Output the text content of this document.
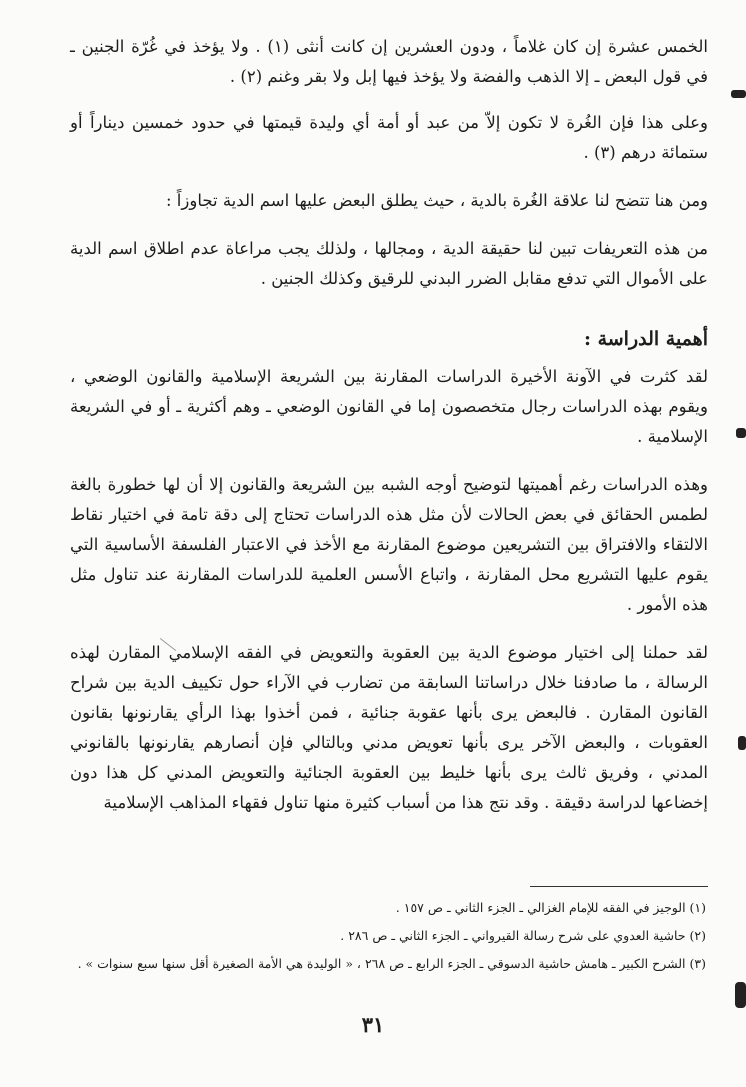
الخمس عشرة إن كان غلاماً ، ودون العشرين إن كانت أنثى (١) . ولا يؤخذ في غُرّة الجنين ـ في قول البعض ـ إلا الذهب والفضة ولا يؤخذ فيها إبل ولا بقر وغنم (٢) .

وعلى هذا فإن الغُرة لا تكون إلاّ من عبد أو أمة أي وليدة قيمتها في حدود خمسين ديناراً أو ستمائة درهم (٣) .

ومن هنا تتضح لنا علاقة الغُرة بالدية ، حيث يطلق البعض عليها اسم الدية تجاوزاً :

من هذه التعريفات تبين لنا حقيقة الدية ، ومجالها ، ولذلك يجب مراعاة عدم اطلاق اسم الدية على الأموال التي تدفع مقابل الضرر البدني للرقيق وكذلك الجنين .

أهمية الدراسة :

لقد كثرت في الآونة الأخيرة الدراسات المقارنة بين الشريعة الإسلامية والقانون الوضعي ، ويقوم بهذه الدراسات رجال متخصصون إما في القانون الوضعي ـ وهم أكثرية ـ أو في الشريعة الإسلامية .

وهذه الدراسات رغم أهميتها لتوضيح أوجه الشبه بين الشريعة والقانون إلا أن لها خطورة بالغة لطمس الحقائق في بعض الحالات لأن مثل هذه الدراسات تحتاج إلى دقة تامة في اختيار نقاط الالتقاء والافتراق بين التشريعين موضوع المقارنة مع الأخذ في الاعتبار الفلسفة الأساسية التي يقوم عليها التشريع محل المقارنة ، واتباع الأسس العلمية للدراسات المقارنة عند تناول مثل هذه الأمور .

لقد حملنا إلى اختيار موضوع الدية بين العقوبة والتعويض في الفقه الإسلامي المقارن لهذه الرسالة ، ما صادفنا خلال دراساتنا السابقة من تضارب في الآراء حول تكييف الدية بين شراح القانون المقارن . فالبعض يرى بأنها عقوبة جنائية ، فمن أخذوا بهذا الرأي يقارنونها بقانون العقوبات ، والبعض الآخر يرى بأنها تعويض مدني وبالتالي فإن أنصارهم يقارنونها بالقانوني المدني ، وفريق ثالث يرى بأنها خليط بين العقوبة الجنائية والتعويض المدني كل هذا دون إخضاعها لدراسة دقيقة . وقد نتج هذا من أسباب كثيرة منها تناول فقهاء المذاهب الإسلامية

(١) الوجيز في الفقه للإمام الغزالي ـ الجزء الثاني ـ ص ١٥٧ .

(٢) حاشية العدوي على شرح رسالة القيرواني ـ الجزء الثاني ـ ص ٢٨٦ .

(٣) الشرح الكبير ـ هامش حاشية الدسوقي ـ الجزء الرابع ـ ص ٢٦٨ ، « الوليدة هي الأمة الصغيرة أقل سنها سبع سنوات » .

٣١
